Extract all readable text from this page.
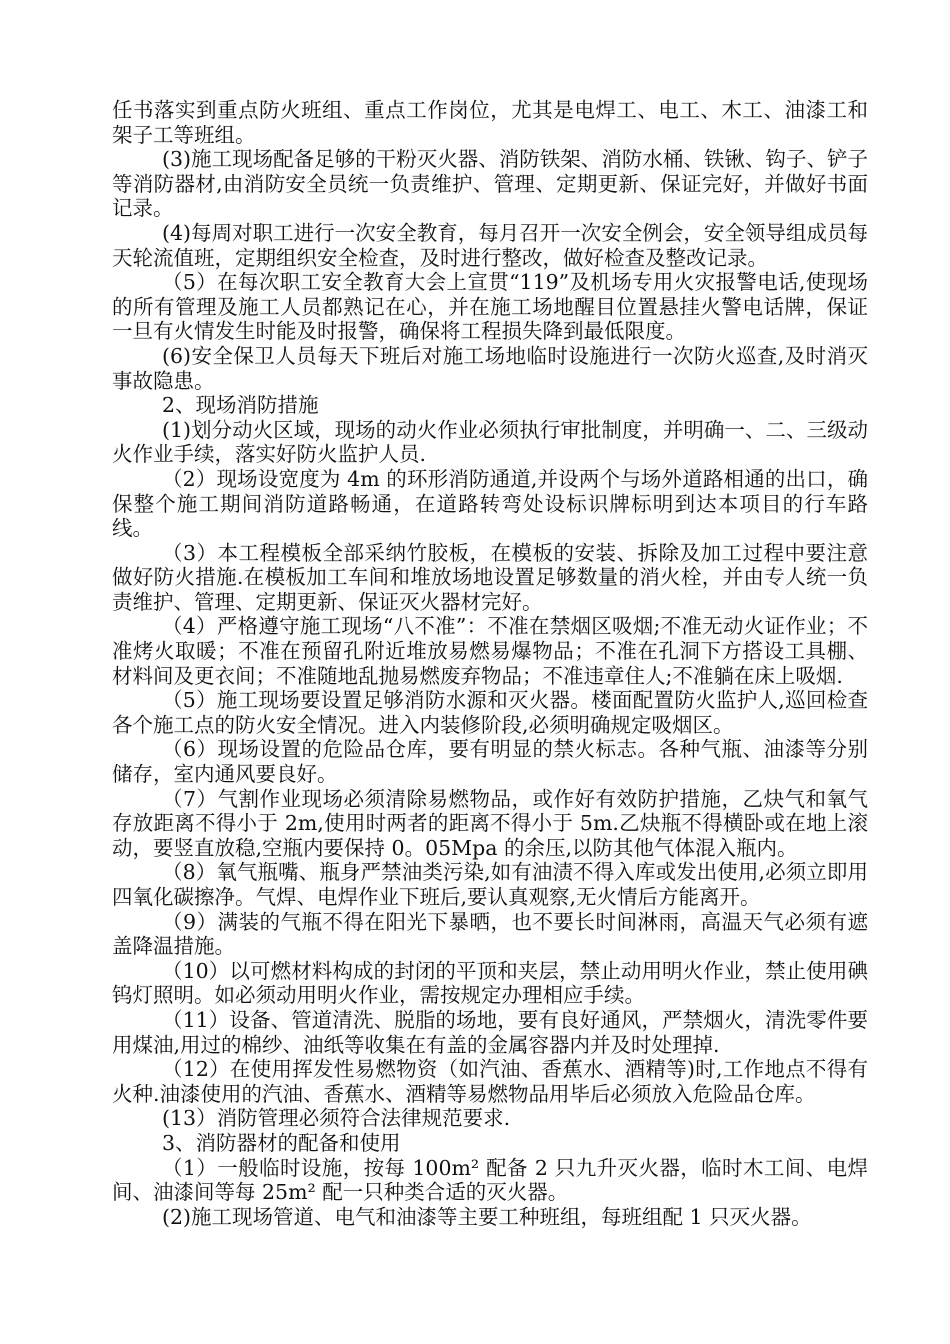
任书落实到重点防火班组、重点工作岗位，尤其是电焊工、电工、木工、油漆工和架子工等班组。

(3)施工现场配备足够的干粉灭火器、消防铁架、消防水桶、铁锹、钩子、铲子等消防器材,由消防安全员统一负责维护、管理、定期更新、保证完好，并做好书面记录。

(4)每周对职工进行一次安全教育，每月召开一次安全例会，安全领导组成员每天轮流值班，定期组织安全检查，及时进行整改，做好检查及整改记录。

（5）在每次职工安全教育大会上宣贯“119”及机场专用火灾报警电话,使现场的所有管理及施工人员都熟记在心，并在施工场地醒目位置悬挂火警电话牌，保证一旦有火情发生时能及时报警，确保将工程损失降到最低限度。

(6)安全保卫人员每天下班后对施工场地临时设施进行一次防火巡查,及时消灭事故隐患。

2、现场消防措施

(1)划分动火区域，现场的动火作业必须执行审批制度，并明确一、二、三级动火作业手续，落实好防火监护人员.

（2）现场设宽度为 4m 的环形消防通道,并设两个与场外道路相通的出口，确保整个施工期间消防道路畅通，在道路转弯处设标识牌标明到达本项目的行车路线。

（3）本工程模板全部采纳竹胶板，在模板的安装、拆除及加工过程中要注意做好防火措施.在模板加工车间和堆放场地设置足够数量的消火栓，并由专人统一负责维护、管理、定期更新、保证灭火器材完好。

（4）严格遵守施工现场“八不准”：不准在禁烟区吸烟;不准无动火证作业；不准烤火取暖；不准在预留孔附近堆放易燃易爆物品；不准在孔洞下方搭设工具棚、材料间及更衣间；不准随地乱抛易燃废弃物品；不准违章住人;不准躺在床上吸烟.

（5）施工现场要设置足够消防水源和灭火器。楼面配置防火监护人,巡回检查各个施工点的防火安全情况。进入内装修阶段,必须明确规定吸烟区。

（6）现场设置的危险品仓库，要有明显的禁火标志。各种气瓶、油漆等分别储存，室内通风要良好。

（7）气割作业现场必须清除易燃物品，或作好有效防护措施，乙炔气和氧气存放距离不得小于 2m,使用时两者的距离不得小于 5m.乙炔瓶不得横卧或在地上滚动，要竖直放稳,空瓶内要保持 0。05Mpa 的余压,以防其他气体混入瓶内。

（8）氧气瓶嘴、瓶身严禁油类污染,如有油渍不得入库或发出使用,必须立即用四氧化碳擦净。气焊、电焊作业下班后,要认真观察,无火情后方能离开。

（9）满装的气瓶不得在阳光下暴晒，也不要长时间淋雨，高温天气必须有遮盖降温措施。

（10）以可燃材料构成的封闭的平顶和夹层，禁止动用明火作业，禁止使用碘钨灯照明。如必须动用明火作业，需按规定办理相应手续。

（11）设备、管道清洗、脱脂的场地，要有良好通风，严禁烟火，清洗零件要用煤油,用过的棉纱、油纸等收集在有盖的金属容器内并及时处理掉.

（12）在使用挥发性易燃物资（如汽油、香蕉水、酒精等)时,工作地点不得有火种.油漆使用的汽油、香蕉水、酒精等易燃物品用毕后必须放入危险品仓库。

(13）消防管理必须符合法律规范要求.

3、消防器材的配备和使用

（1）一般临时设施，按每 100m² 配备 2 只九升灭火器，临时木工间、电焊间、油漆间等每 25m² 配一只种类合适的灭火器。

(2)施工现场管道、电气和油漆等主要工种班组，每班组配 1 只灭火器。
